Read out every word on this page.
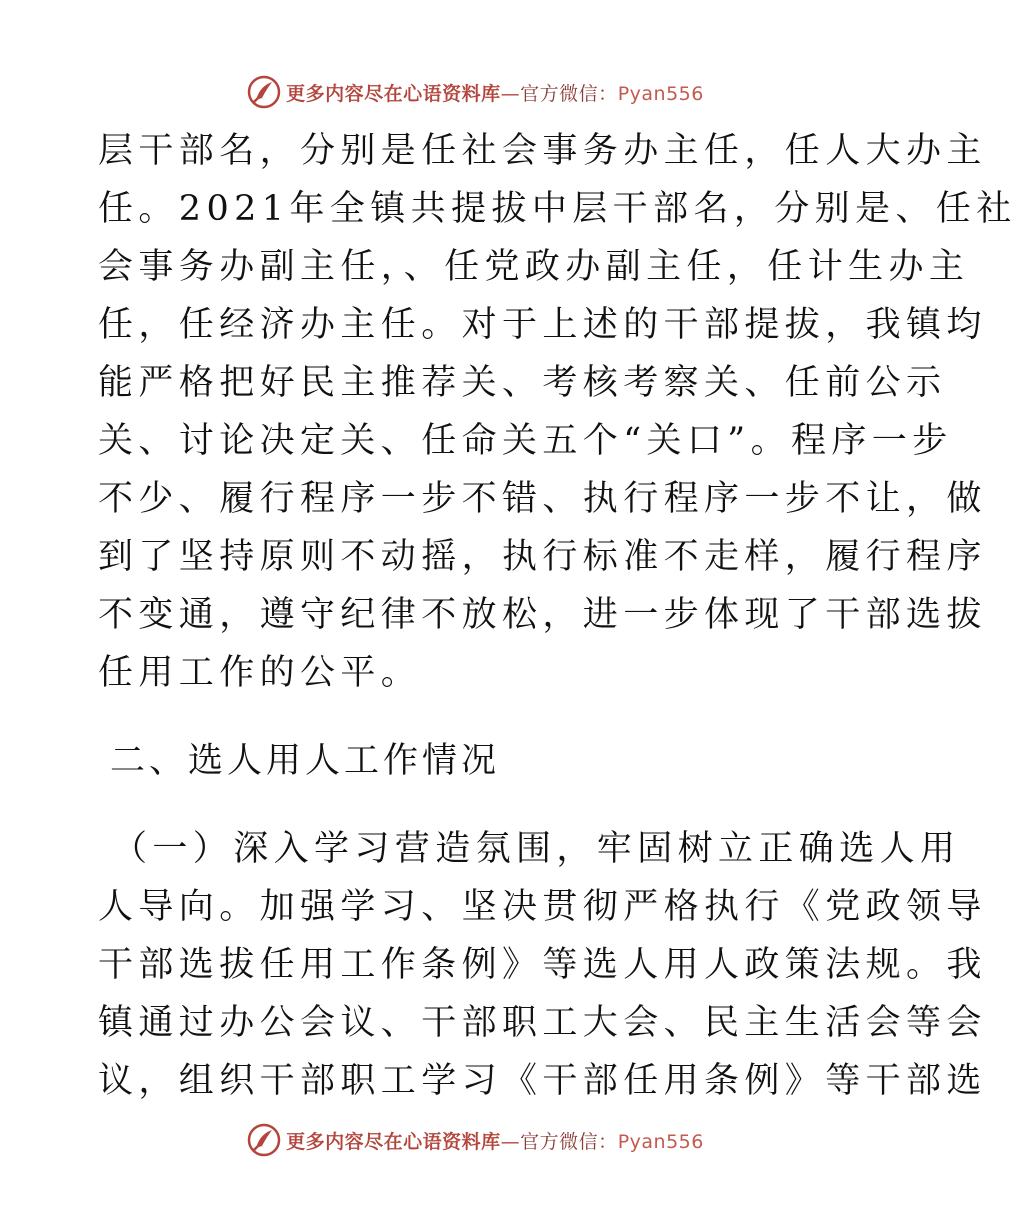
更多内容尽在心语资料库—官方微信：Pyan556
层干部名，分别是任社会事务办主任，任人大办主
任。2021年全镇共提拔中层干部名，分别是、任社
会事务办副主任，、任党政办副主任，任计生办主
任，任经济办主任。对于上述的干部提拔，我镇均
能严格把好民主推荐关、考核考察关、任前公示
关、讨论决定关、任命关五个“关口”。程序一步
不少、履行程序一步不错、执行程序一步不让，做
到了坚持原则不动摇，执行标准不走样，履行程序
不变通，遵守纪律不放松，进一步体现了干部选拔
任用工作的公平。
二、选人用人工作情况
（一）深入学习营造氛围，牢固树立正确选人用
人导向。加强学习、坚决贯彻严格执行《党政领导
干部选拔任用工作条例》等选人用人政策法规。我
镇通过办公会议、干部职工大会、民主生活会等会
议，组织干部职工学习《干部任用条例》等干部选
更多内容尽在心语资料库—官方微信：Pyan556
